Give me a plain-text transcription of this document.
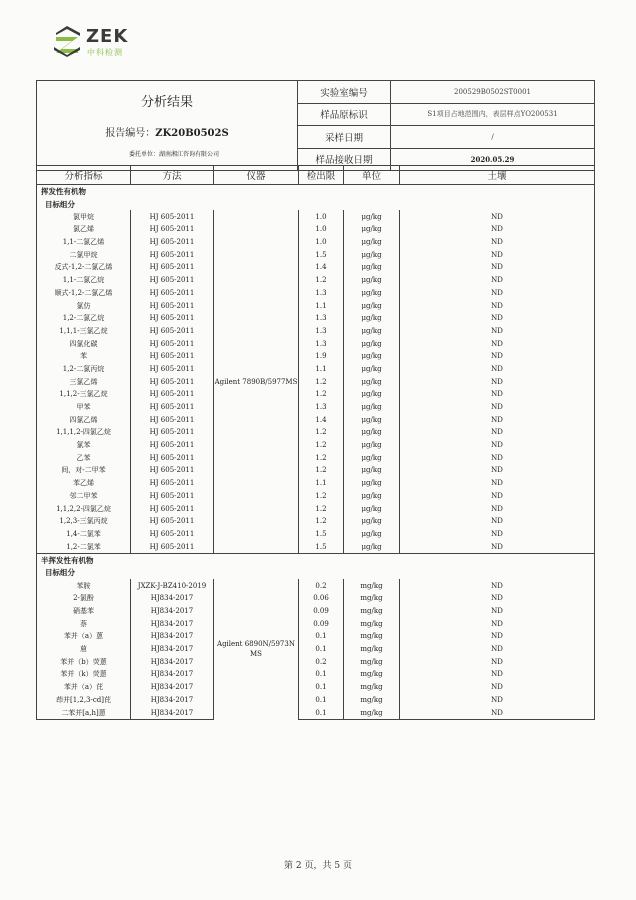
ZEK
中科检测
分析结果
报告编号：ZK20B0502S
委托单位：湖南湘江咨询有限公司	实验室编号	200529B0502ST0001
	样品原标识	S1项目占地范围内，表层样点YO200531
	采样日期	/
	样品接收日期	2020.05.29
分析指标	方法	仪器	检出限	单位	土壤
挥发性有机物					
目标组分					
氯甲烷	HJ 605-2011	Agilent 7890B/5977MS	1.0	μg/kg	ND
氯乙烯	HJ 605-2011		1.0	μg/kg	ND
1,1-二氯乙烯	HJ 605-2011		1.0	μg/kg	ND
二氯甲烷	HJ 605-2011		1.5	μg/kg	ND
反式-1,2-二氯乙烯	HJ 605-2011		1.4	μg/kg	ND
1,1-二氯乙烷	HJ 605-2011		1.2	μg/kg	ND
顺式-1,2-二氯乙烯	HJ 605-2011		1.3	μg/kg	ND
氯仿	HJ 605-2011		1.1	μg/kg	ND
1,2-二氯乙烷	HJ 605-2011		1.3	μg/kg	ND
1,1,1-三氯乙烷	HJ 605-2011		1.3	μg/kg	ND
四氯化碳	HJ 605-2011		1.3	μg/kg	ND
苯	HJ 605-2011		1.9	μg/kg	ND
1,2-二氯丙烷	HJ 605-2011		1.1	μg/kg	ND
三氯乙烯	HJ 605-2011		1.2	μg/kg	ND
1,1,2-三氯乙烷	HJ 605-2011		1.2	μg/kg	ND
甲苯	HJ 605-2011		1.3	μg/kg	ND
四氯乙烯	HJ 605-2011		1.4	μg/kg	ND
1,1,1,2-四氯乙烷	HJ 605-2011		1.2	μg/kg	ND
氯苯	HJ 605-2011		1.2	μg/kg	ND
乙苯	HJ 605-2011		1.2	μg/kg	ND
间，对-二甲苯	HJ 605-2011		1.2	μg/kg	ND
苯乙烯	HJ 605-2011		1.1	μg/kg	ND
邻二甲苯	HJ 605-2011		1.2	μg/kg	ND
1,1,2,2-四氯乙烷	HJ 605-2011		1.2	μg/kg	ND
1,2,3-三氯丙烷	HJ 605-2011		1.2	μg/kg	ND
1,4-二氯苯	HJ 605-2011		1.5	μg/kg	ND
1,2-二氯苯	HJ 605-2011		1.5	μg/kg	ND
半挥发性有机物					
目标组分					
苯胺	JXZK-J-BZ410-2019	Agilent 6890N/5973N MS	0.2	mg/kg	ND
2-氯酚	HJ834-2017		0.06	mg/kg	ND
硝基苯	HJ834-2017		0.09	mg/kg	ND
萘	HJ834-2017		0.09	mg/kg	ND
苯并（a）蒽	HJ834-2017		0.1	mg/kg	ND
䓛	HJ834-2017		0.1	mg/kg	ND
苯并（b）荧蒽	HJ834-2017		0.2	mg/kg	ND
苯并（k）荧蒽	HJ834-2017		0.1	mg/kg	ND
苯并（a）芘	HJ834-2017		0.1	mg/kg	ND
茚并[1,2,3-cd]芘	HJ834-2017		0.1	mg/kg	ND
二苯并[a,h]蒽	HJ834-2017		0.1	mg/kg	ND
第 2 页，共 5 页
